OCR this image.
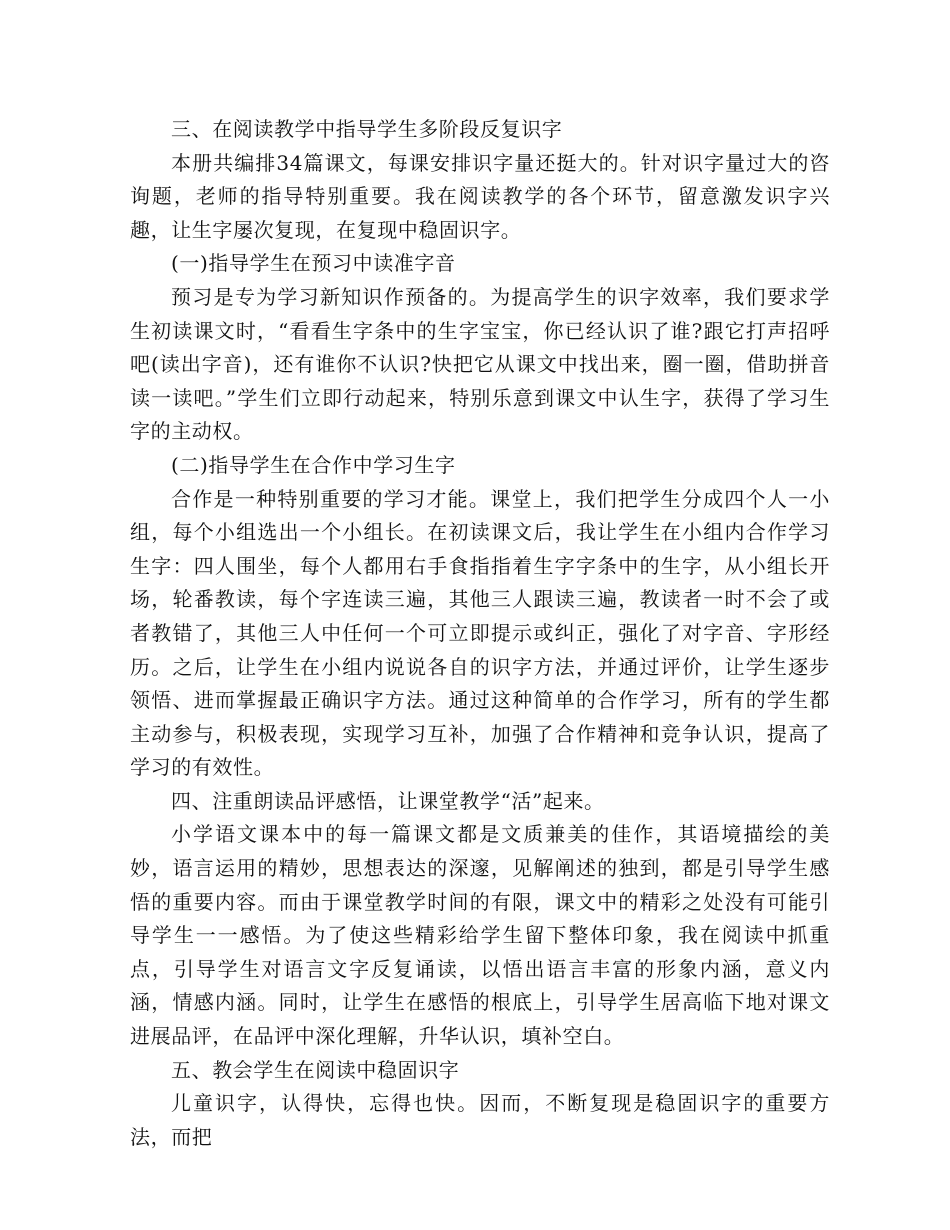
三、在阅读教学中指导学生多阶段反复识字

本册共编排34篇课文，每课安排识字量还挺大的。针对识字量过大的咨询题，老师的指导特别重要。我在阅读教学的各个环节，留意激发识字兴趣，让生字屡次复现，在复现中稳固识字。

(一)指导学生在预习中读准字音

预习是专为学习新知识作预备的。为提高学生的识字效率，我们要求学生初读课文时，“看看生字条中的生字宝宝，你已经认识了谁?跟它打声招呼吧(读出字音)，还有谁你不认识?快把它从课文中找出来，圈一圈，借助拼音读一读吧。”学生们立即行动起来，特别乐意到课文中认生字，获得了学习生字的主动权。

(二)指导学生在合作中学习生字

合作是一种特别重要的学习才能。课堂上，我们把学生分成四个人一小组，每个小组选出一个小组长。在初读课文后，我让学生在小组内合作学习生字：四人围坐，每个人都用右手食指指着生字字条中的生字，从小组长开场，轮番教读，每个字连读三遍，其他三人跟读三遍，教读者一时不会了或者教错了，其他三人中任何一个可立即提示或纠正，强化了对字音、字形经历。之后，让学生在小组内说说各自的识字方法，并通过评价，让学生逐步领悟、进而掌握最正确识字方法。通过这种简单的合作学习，所有的学生都主动参与，积极表现，实现学习互补，加强了合作精神和竞争认识，提高了学习的有效性。

四、注重朗读品评感悟，让课堂教学“活”起来。

小学语文课本中的每一篇课文都是文质兼美的佳作，其语境描绘的美妙，语言运用的精妙，思想表达的深邃，见解阐述的独到，都是引导学生感悟的重要内容。而由于课堂教学时间的有限，课文中的精彩之处没有可能引导学生一一感悟。为了使这些精彩给学生留下整体印象，我在阅读中抓重点，引导学生对语言文字反复诵读，以悟出语言丰富的形象内涵，意义内涵，情感内涵。同时，让学生在感悟的根底上，引导学生居高临下地对课文进展品评，在品评中深化理解，升华认识，填补空白。

五、教会学生在阅读中稳固识字

儿童识字，认得快，忘得也快。因而，不断复现是稳固识字的重要方法，而把
